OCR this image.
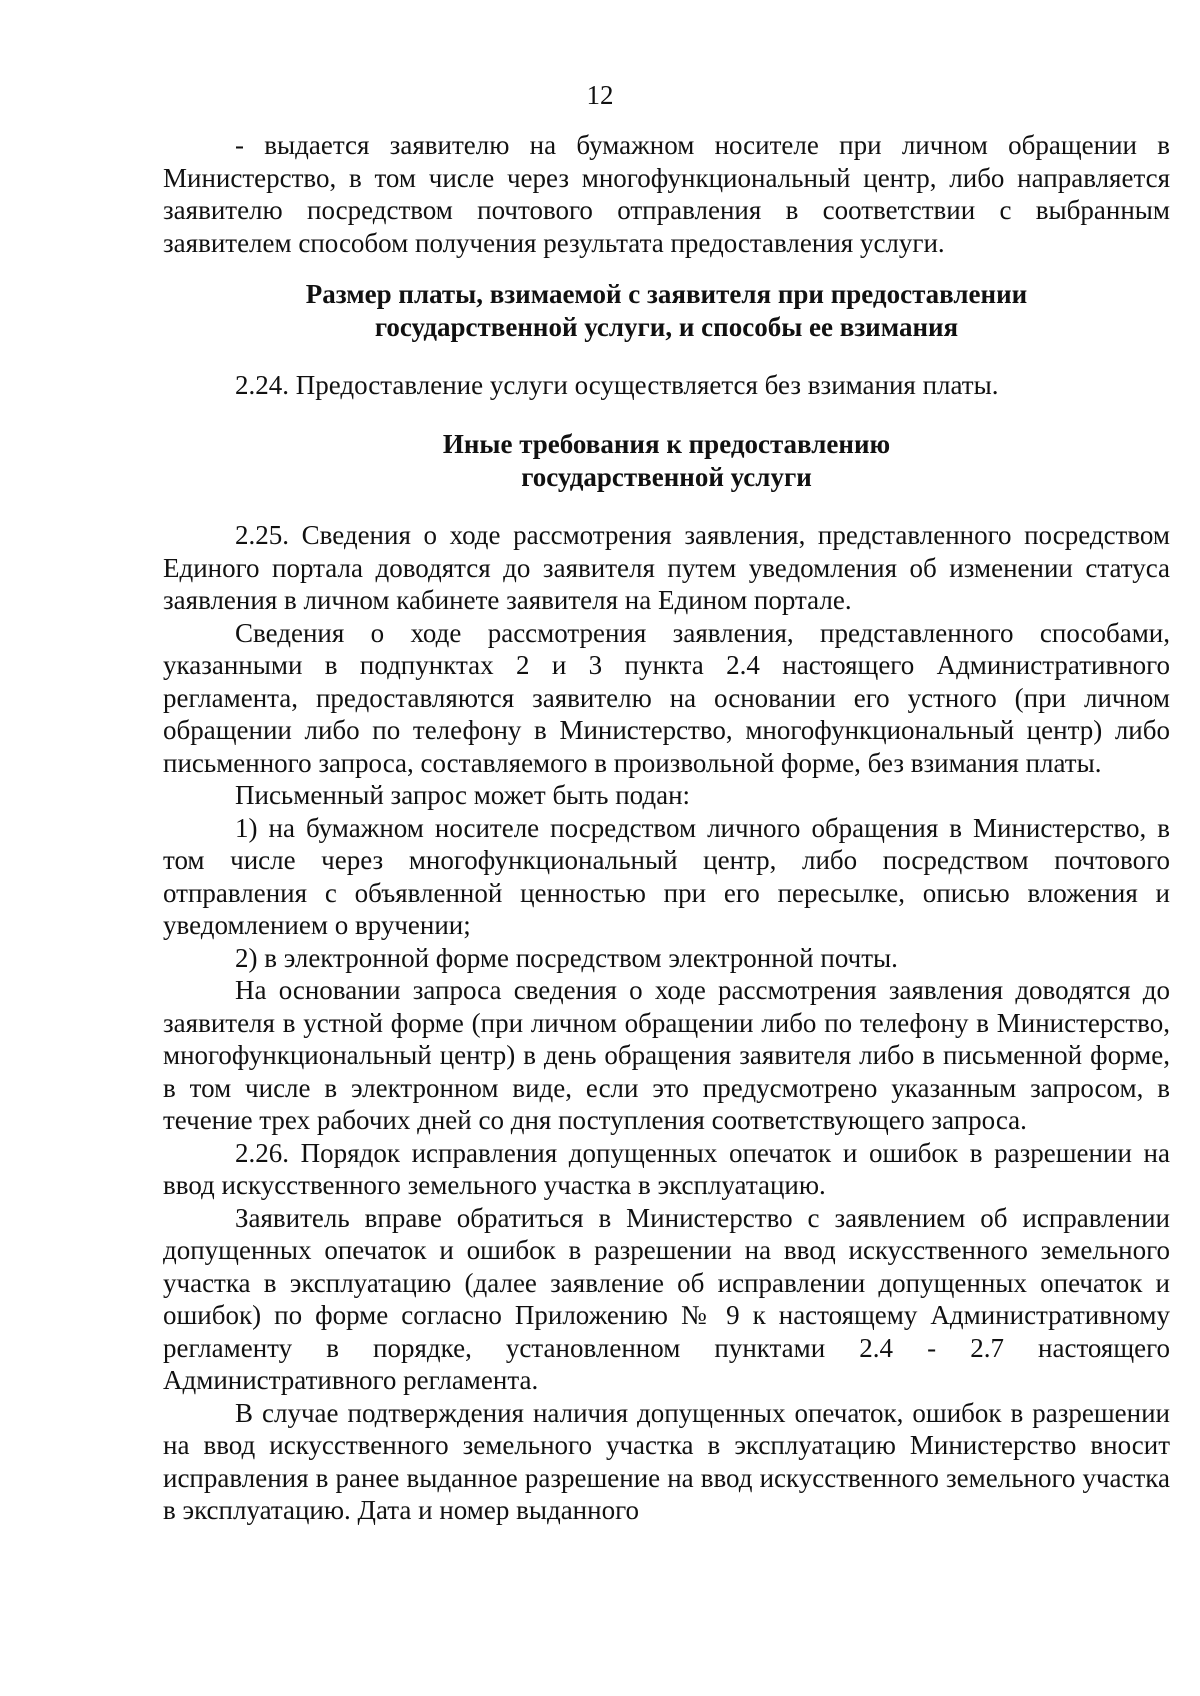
12

- выдается заявителю на бумажном носителе при личном обращении в Министерство, в том числе через многофункциональный центр, либо направляется заявителю посредством почтового отправления в соответствии с выбранным заявителем способом получения результата предоставления услуги.

Размер платы, взимаемой с заявителя при предоставлении

государственной услуги, и способы ее взимания

2.24. Предоставление услуги осуществляется без взимания платы.

Иные требования к предоставлению

государственной услуги

2.25. Сведения о ходе рассмотрения заявления, представленного посредством Единого портала доводятся до заявителя путем уведомления об изменении статуса заявления в личном кабинете заявителя на Едином портале.

Сведения о ходе рассмотрения заявления, представленного способами, указанными в подпунктах 2 и 3 пункта 2.4 настоящего Административного регламента, предоставляются заявителю на основании его устного (при личном обращении либо по телефону в Министерство, многофункциональный центр) либо письменного запроса, составляемого в произвольной форме, без взимания платы.

Письменный запрос может быть подан:

1) на бумажном носителе посредством личного обращения в Министерство, в том числе через многофункциональный центр, либо посредством почтового отправления с объявленной ценностью при его пересылке, описью вложения и уведомлением о вручении;

2) в электронной форме посредством электронной почты.

На основании запроса сведения о ходе рассмотрения заявления доводятся до заявителя в устной форме (при личном обращении либо по телефону в Министерство, многофункциональный центр) в день обращения заявителя либо в письменной форме, в том числе в электронном виде, если это предусмотрено указанным запросом, в течение трех рабочих дней со дня поступления соответствующего запроса.

2.26. Порядок исправления допущенных опечаток и ошибок в разрешении на ввод искусственного земельного участка в эксплуатацию.

Заявитель вправе обратиться в Министерство с заявлением об исправлении допущенных опечаток и ошибок в разрешении на ввод искусственного земельного участка в эксплуатацию (далее заявление об исправлении допущенных опечаток и ошибок) по форме согласно Приложению № 9 к настоящему Административному регламенту в порядке, установленном пунктами 2.4 - 2.7 настоящего Административного регламента.

В случае подтверждения наличия допущенных опечаток, ошибок в разрешении на ввод искусственного земельного участка в эксплуатацию Министерство вносит исправления в ранее выданное разрешение на ввод искусственного земельного участка в эксплуатацию. Дата и номер выданного
